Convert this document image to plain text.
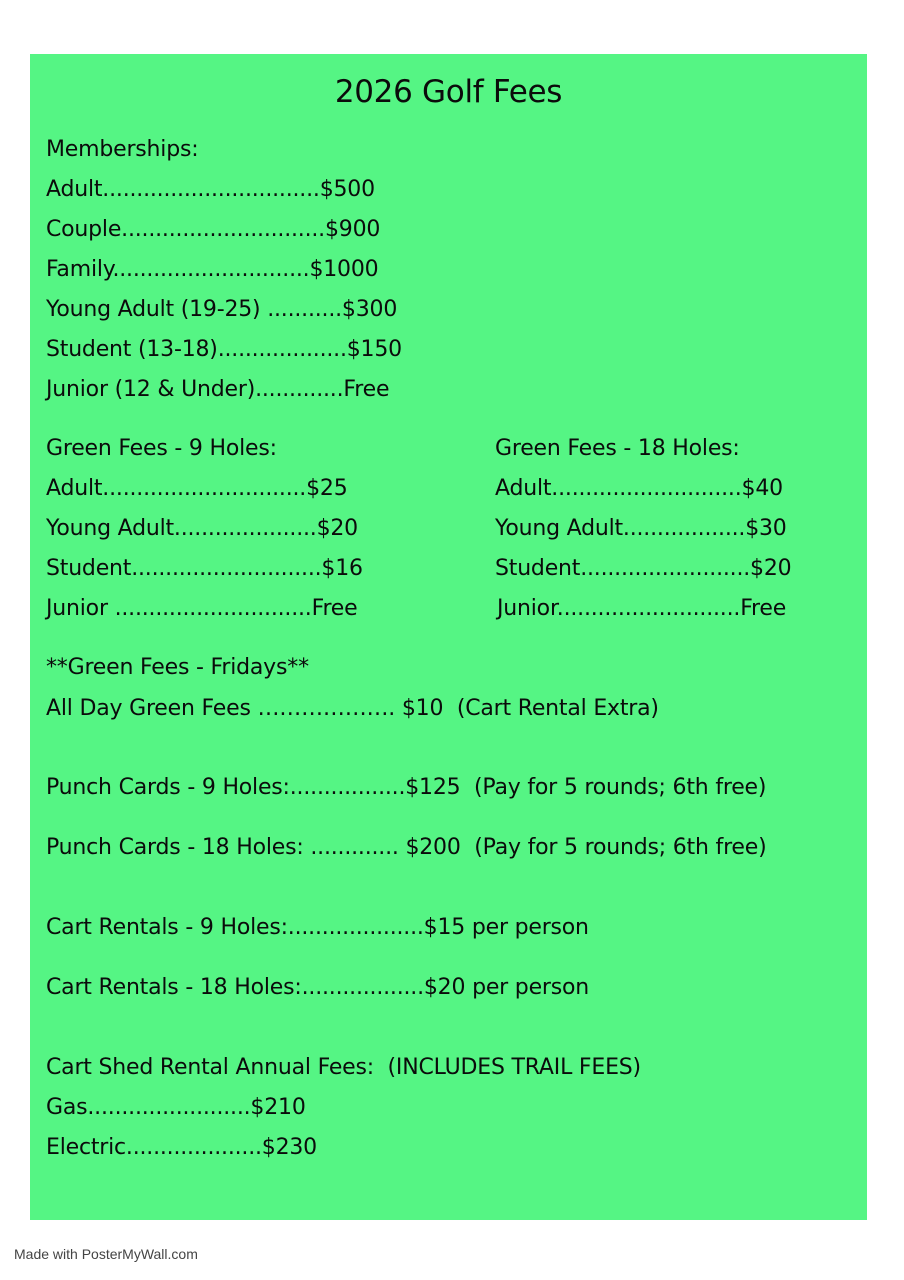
2026 Golf Fees
Memberships:
Adult................................$500
Couple..............................$900
Family.............................$1000
Young Adult (19-25) ...........$300
Student (13-18)...................$150
Junior (12 & Under).............Free
Green Fees - 9 Holes:
Adult..............................$25
Young Adult.....................$20
Student............................$16
Junior .............................Free
Green Fees - 18 Holes:
Adult............................$40
Young Adult..................$30
Student.........................$20
Junior...........................Free
**Green Fees - Fridays**
All Day Green Fees ………………. $10  (Cart Rental Extra)
Punch Cards - 9 Holes:.................$125  (Pay for 5 rounds; 6th free)
Punch Cards - 18 Holes: ............. $200  (Pay for 5 rounds; 6th free)
Cart Rentals - 9 Holes:....................$15 per person
Cart Rentals - 18 Holes:..................$20 per person
Cart Shed Rental Annual Fees:  (INCLUDES TRAIL FEES)
Gas........................$210
Electric....................$230
Made with PosterMyWall.com
